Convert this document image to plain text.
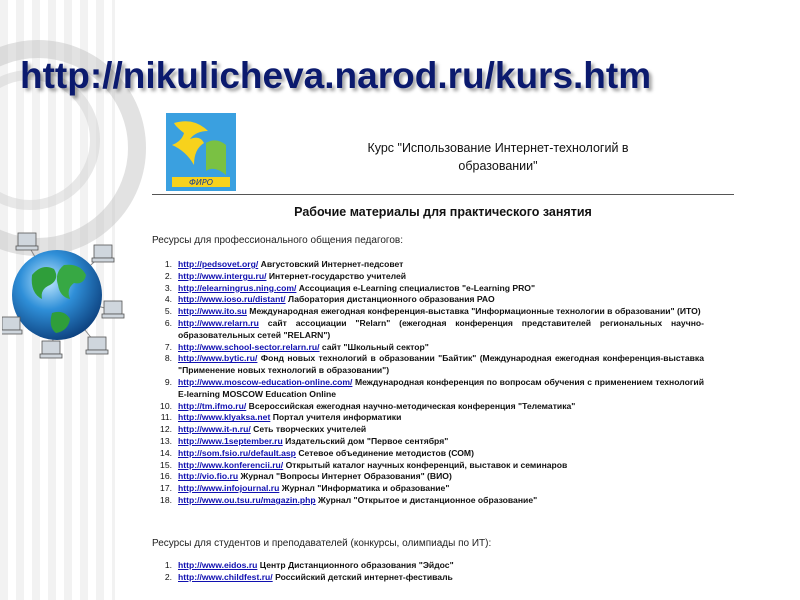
http://nikulicheva.narod.ru/kurs.htm
ФИРО
Курс "Использование Интернет-технологий в
образовании"
Рабочие материалы для практического занятия
Ресурсы для профессионального общения педагогов:
1. http://pedsovet.org/ Августовский Интернет-педсовет
2. http://www.intergu.ru/ Интернет-государство учителей
3. http://elearningrus.ning.com/ Ассоциация e-Learning специалистов "e-Learning PRO"
4. http://www.ioso.ru/distant/ Лаборатория дистанционного образования РАО
5. http://www.ito.su Международная ежегодная конференция-выставка "Информационные технологии в образовании" (ИТО)
6. http://www.relarn.ru сайт ассоциации "Relarn" (ежегодная конференция представителей региональных научно-образовательных сетей "RELARN")
7. http://www.school-sector.relarn.ru/ сайт "Школьный сектор"
8. http://www.bytic.ru/ Фонд новых технологий в образовании "Байтик" (Международная ежегодная конференция-выставка "Применение новых технологий в образовании")
9. http://www.moscow-education-online.com/ Международная конференция по вопросам обучения с применением технологий E-learning MOSCOW Education Online
10. http://tm.ifmo.ru/ Всероссийская ежегодная научно-методическая конференция "Телематика"
11. http://www.klyaksa.net Портал учителя информатики
12. http://www.it-n.ru/ Сеть творческих учителей
13. http://www.1september.ru Издательский дом "Первое сентября"
14. http://som.fsio.ru/default.asp Сетевое объединение методистов (СОМ)
15. http://www.konferencii.ru/ Открытый каталог научных конференций, выставок и семинаров
16. http://vio.fio.ru Журнал "Вопросы Интернет Образования" (ВИО)
17. http://www.infojournal.ru Журнал "Информатика и образование"
18. http://www.ou.tsu.ru/magazin.php Журнал "Открытое и дистанционное образование"
Ресурсы для студентов и преподавателей (конкурсы, олимпиады по ИТ):
1. http://www.eidos.ru Центр Дистанционного образования "Эйдос"
2. http://www.childfest.ru/ Российский детский интернет-фестиваль
